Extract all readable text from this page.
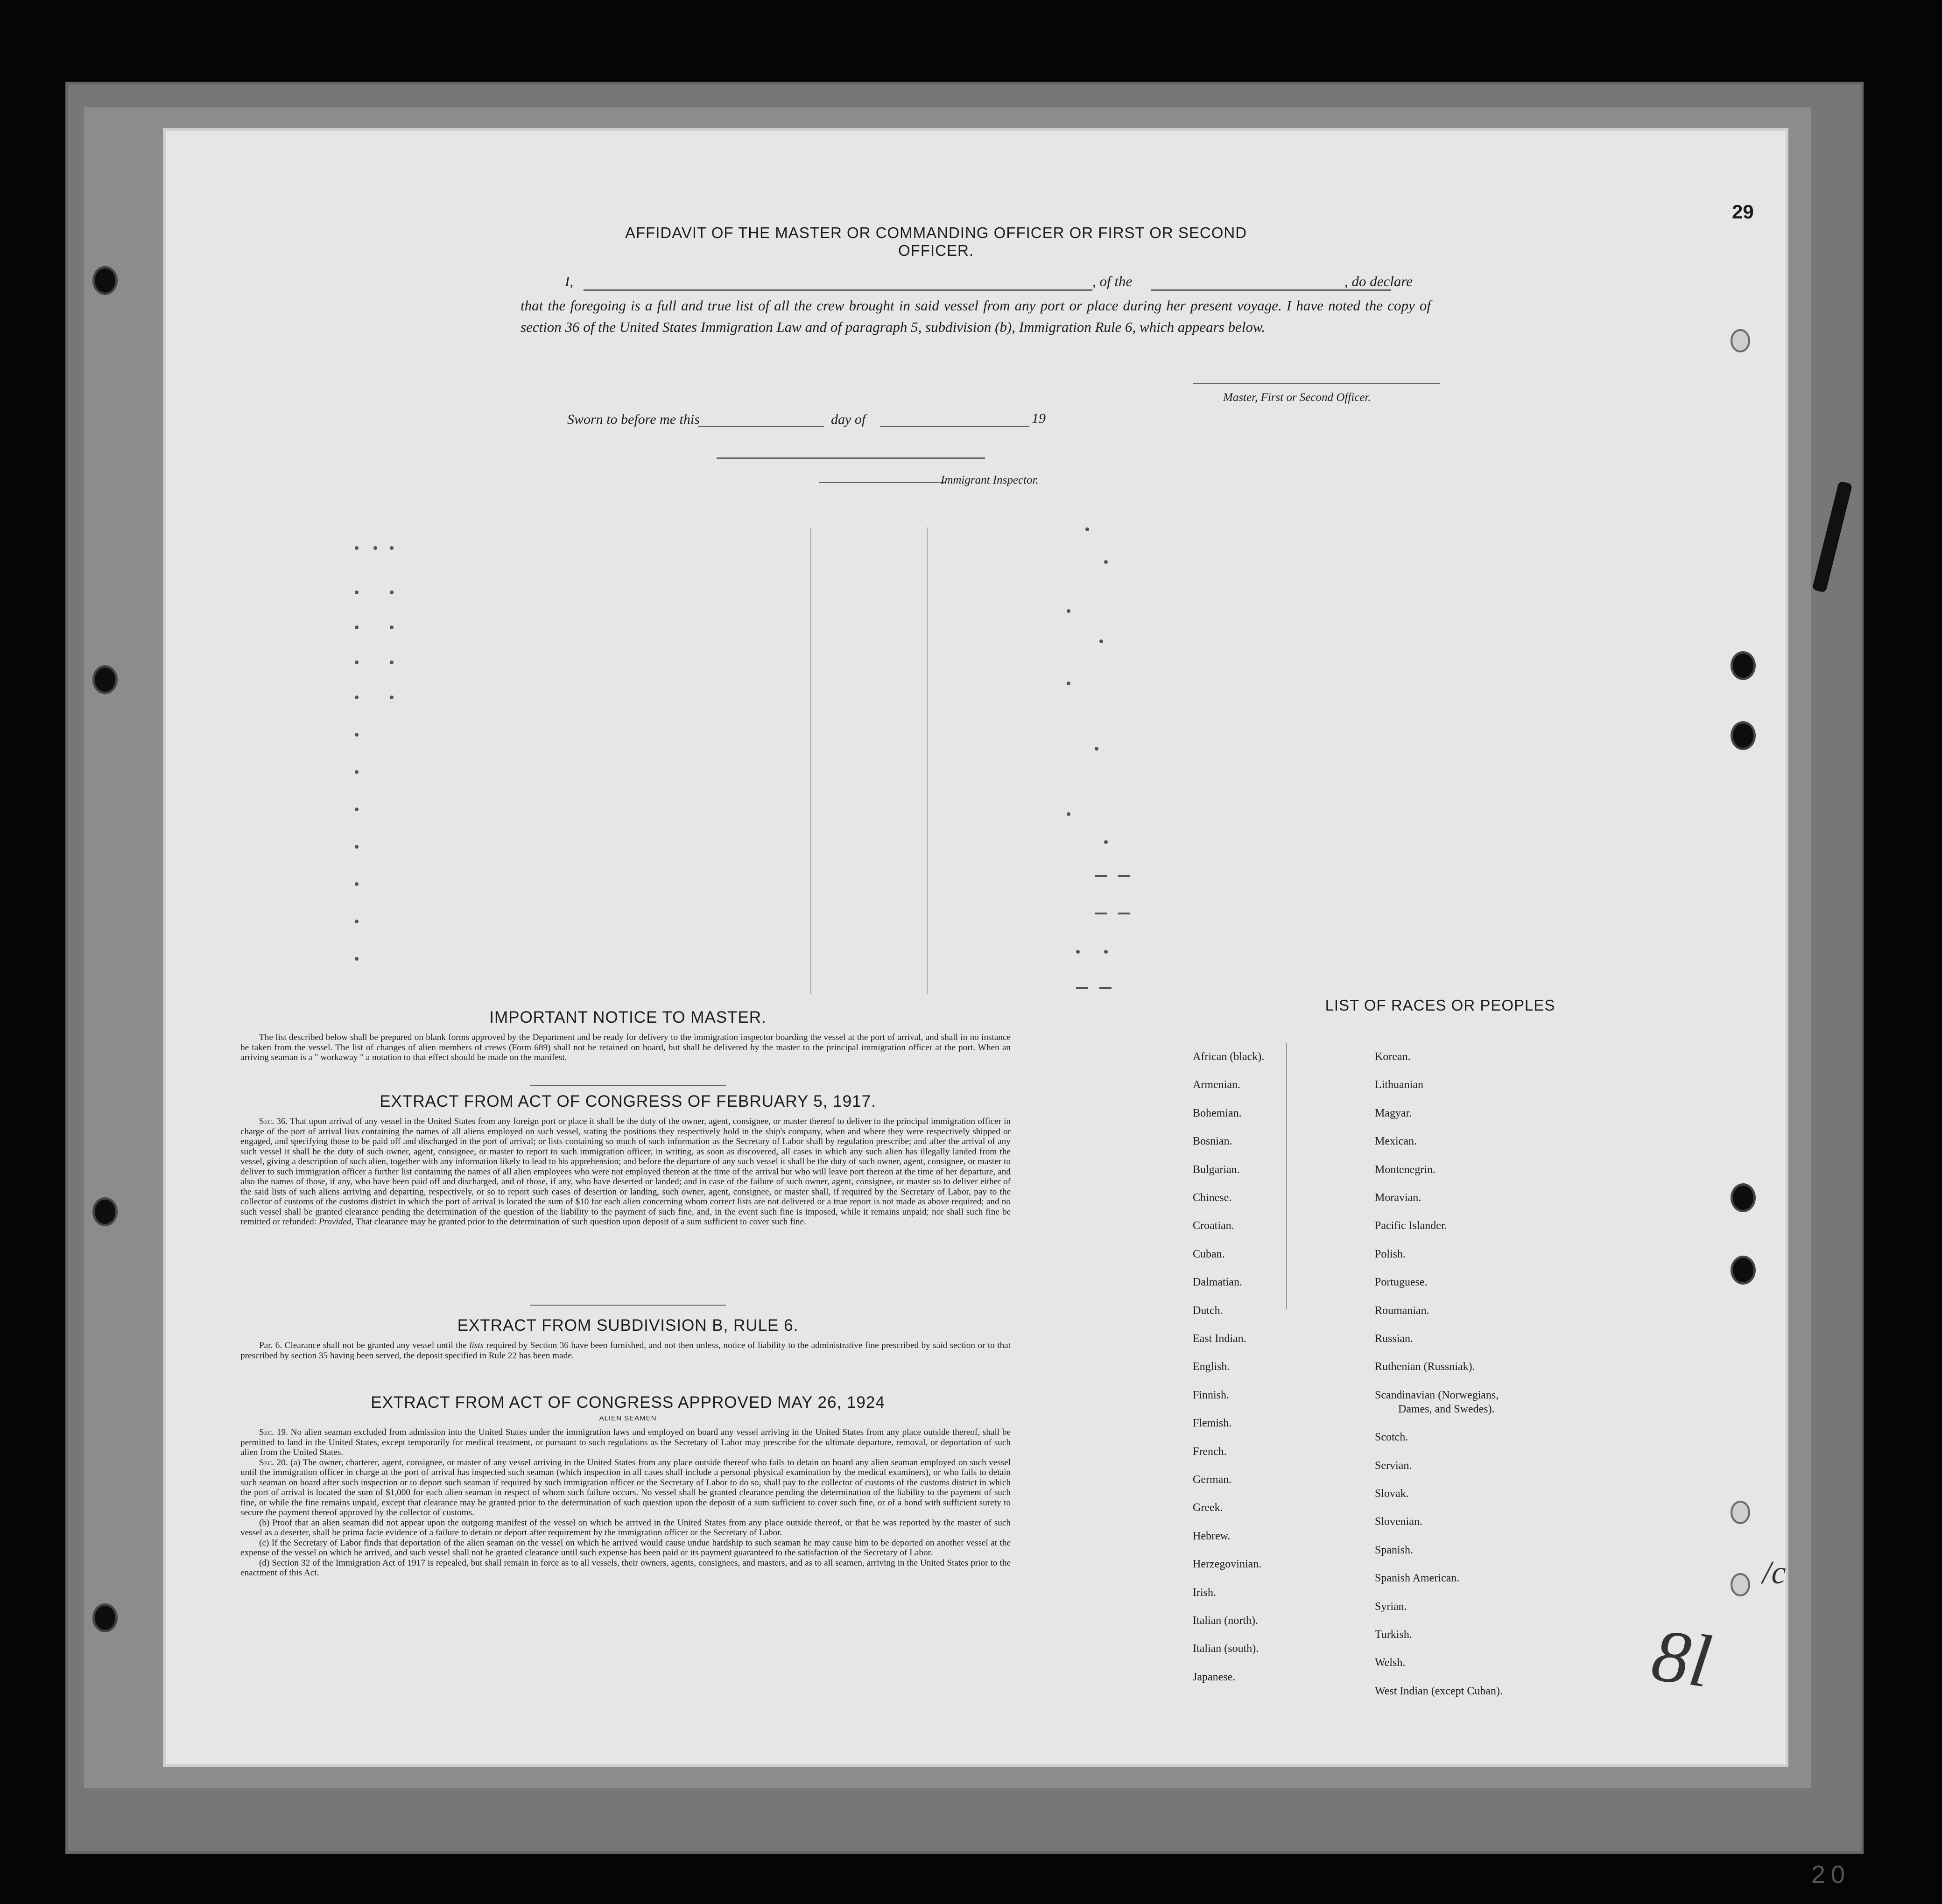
29
8l
/c
AFFIDAVIT OF THE MASTER OR COMMANDING OFFICER OR FIRST OR SECOND OFFICER.
I,	, of the	, do declare
that the foregoing is a full and true list of all the crew brought in said vessel from any port or place during her present voyage. I have noted the copy of section 36 of the United States Immigration Law and of paragraph 5, subdivision (b), Immigration Rule 6, which appears below.
Master, First or Second Officer.
Sworn to before me this	day of	19
Immigrant Inspector.
IMPORTANT NOTICE TO MASTER.

The list described below shall be prepared on blank forms approved by the Department and be ready for delivery to the immigration inspector boarding the vessel at the port of arrival, and shall in no instance be taken from the vessel. The list of changes of alien members of crews (Form 689) shall not be retained on board, but shall be delivered by the master to the principal immigration officer at the port. When an arriving seaman is a " workaway " a notation to that effect should be made on the manifest.

EXTRACT FROM ACT OF CONGRESS OF FEBRUARY 5, 1917.

Sec. 36. That upon arrival of any vessel in the United States from any foreign port or place it shall be the duty of the owner, agent, consignee, or master thereof to deliver to the principal immigration officer in charge of the port of arrival lists containing the names of all aliens employed on such vessel, stating the positions they respectively hold in the ship's company, when and where they were respectively shipped or engaged, and specifying those to be paid off and discharged in the port of arrival; or lists containing so much of such information as the Secretary of Labor shall by regulation prescribe; and after the arrival of any such vessel it shall be the duty of such owner, agent, consignee, or master to report to such immigration officer, in writing, as soon as discovered, all cases in which any such alien has illegally landed from the vessel, giving a description of such alien, together with any information likely to lead to his apprehension; and before the departure of any such vessel it shall be the duty of such owner, agent, consignee, or master to deliver to such immigration officer a further list containing the names of all alien employees who were not employed thereon at the time of the arrival but who will leave port thereon at the time of her departure, and also the names of those, if any, who have been paid off and discharged, and of those, if any, who have deserted or landed; and in case of the failure of such owner, agent, consignee, or master so to deliver either of the said lists of such aliens arriving and departing, respectively, or so to report such cases of desertion or landing, such owner, agent, consignee, or master shall, if required by the Secretary of Labor, pay to the collector of customs of the customs district in which the port of arrival is located the sum of $10 for each alien concerning whom correct lists are not delivered or a true report is not made as above required; and no such vessel shall be granted clearance pending the determination of the question of the liability to the payment of such fine, and, in the event such fine is imposed, while it remains unpaid; nor shall such fine be remitted or refunded: Provided, That clearance may be granted prior to the determination of such question upon deposit of a sum sufficient to cover such fine.

EXTRACT FROM SUBDIVISION B, RULE 6.

Par. 6. Clearance shall not be granted any vessel until the lists required by Section 36 have been furnished, and not then unless, notice of liability to the administrative fine prescribed by said section or to that prescribed by section 35 having been served, the deposit specified in Rule 22 has been made.

EXTRACT FROM ACT OF CONGRESS APPROVED MAY 26, 1924
ALIEN SEAMEN

Sec. 19. No alien seaman excluded from admission into the United States under the immigration laws and employed on board any vessel arriving in the United States from any place outside thereof, shall be permitted to land in the United States, except temporarily for medical treatment, or pursuant to such regulations as the Secretary of Labor may prescribe for the ultimate departure, removal, or deportation of such alien from the United States.

Sec. 20. (a) The owner, charterer, agent, consignee, or master of any vessel arriving in the United States from any place outside thereof who fails to detain on board any alien seaman employed on such vessel until the immigration officer in charge at the port of arrival has inspected such seaman (which inspection in all cases shall include a personal physical examination by the medical examiners), or who fails to detain such seaman on board after such inspection or to deport such seaman if required by such immigration officer or the Secretary of Labor to do so, shall pay to the collector of customs of the customs district in which the port of arrival is located the sum of $1,000 for each alien seaman in respect of whom such failure occurs. No vessel shall be granted clearance pending the determination of the liability to the payment of such fine, or while the fine remains unpaid, except that clearance may be granted prior to the determination of such question upon the deposit of a sum sufficient to cover such fine, or of a bond with sufficient surety to secure the payment thereof approved by the collector of customs.

(b) Proof that an alien seaman did not appear upon the outgoing manifest of the vessel on which he arrived in the United States from any place outside thereof, or that he was reported by the master of such vessel as a deserter, shall be prima facie evidence of a failure to detain or deport after requirement by the immigration officer or the Secretary of Labor.

(c) If the Secretary of Labor finds that deportation of the alien seaman on the vessel on which he arrived would cause undue hardship to such seaman he may cause him to be deported on another vessel at the expense of the vessel on which he arrived, and such vessel shall not be granted clearance until such expense has been paid or its payment guaranteed to the satisfaction of the Secretary of Labor.

(d) Section 32 of the Immigration Act of 1917 is repealed, but shall remain in force as to all vessels, their owners, agents, consignees, and masters, and as to all seamen, arriving in the United States prior to the enactment of this Act.

LIST OF RACES OR PEOPLES
African (black).
Armenian.
Bohemian.
Bosnian.
Bulgarian.
Chinese.
Croatian.
Cuban.
Dalmatian.
Dutch.
East Indian.
English.
Finnish.
Flemish.
French.
German.
Greek.
Hebrew.
Herzegovinian.
Irish.
Italian (north).
Italian (south).
Japanese.
Korean.
Lithuanian
Magyar.
Mexican.
Montenegrin.
Moravian.
Pacific Islander.
Polish.
Portuguese.
Roumanian.
Russian.
Ruthenian (Russniak).
Scandinavian (Norwegians,
Dames, and Swedes).
Scotch.
Servian.
Slovak.
Slovenian.
Spanish.
Spanish American.
Syrian.
Turkish.
Welsh.
West Indian (except Cuban).
20
